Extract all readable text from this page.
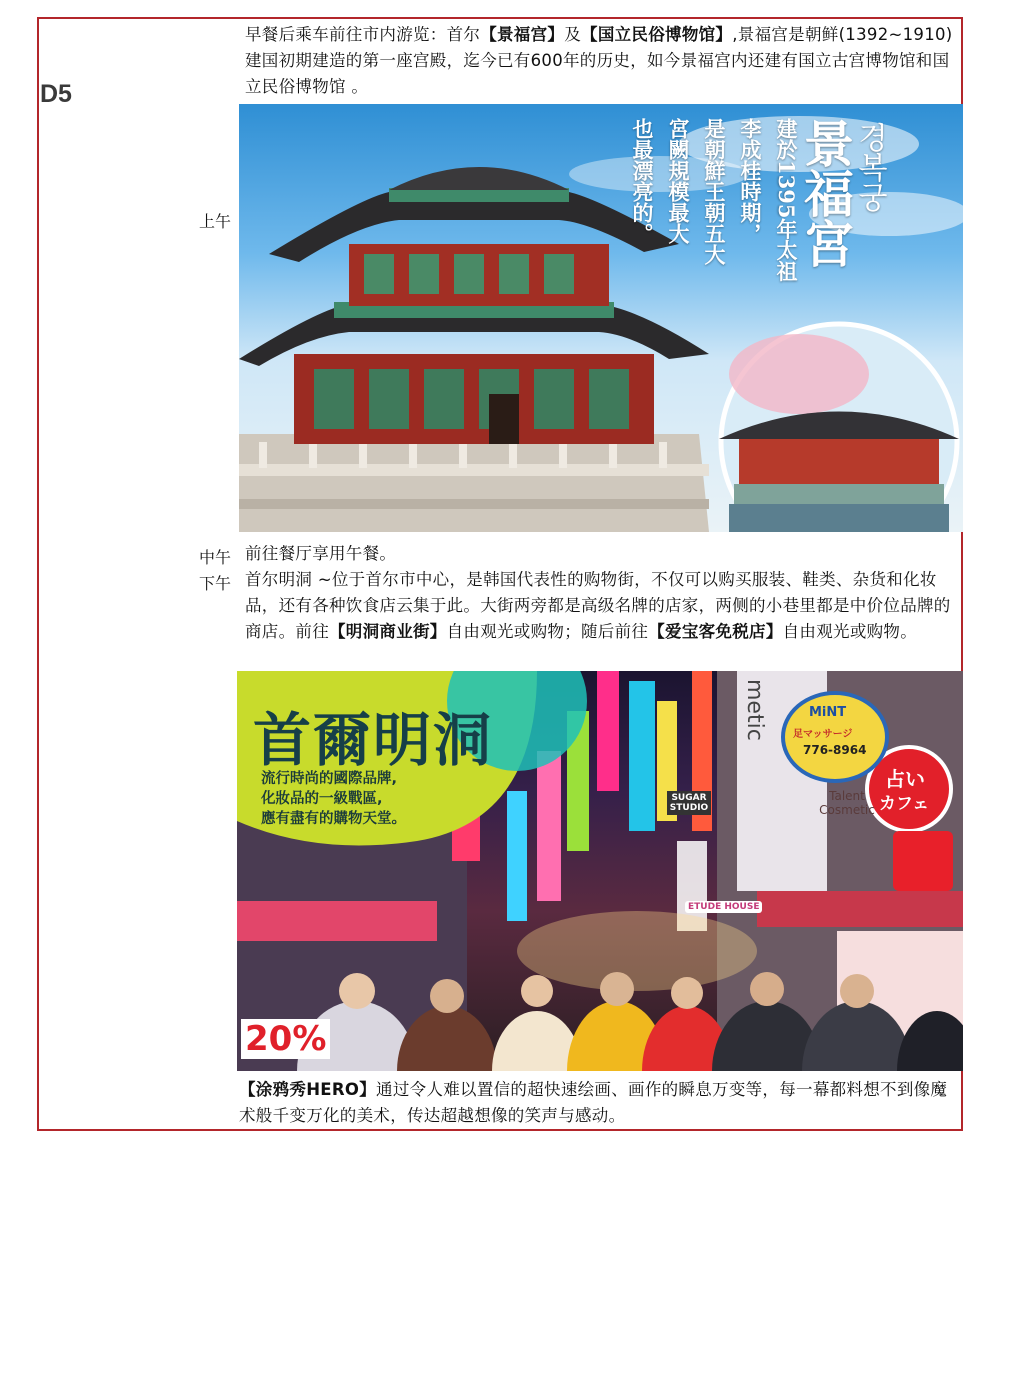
D5
早餐后乘车前往市内游览：首尔【景福宫】及【国立民俗博物馆】,景福宫是朝鲜(1392~1910)建国初期建造的第一座宫殿，迄今已有600年的历史，如今景福宫内还建有国立古宫博物馆和国立民俗博物馆 。
上午	景福宮
경복궁
建於1395年太祖
李成桂時期，
是朝鮮王朝五大
宮闕規模最大
也最漂亮的。
中午 前往餐厅享用午餐。
下午 首尔明洞 ~位于首尔市中心，是韩国代表性的购物街，不仅可以购买服装、鞋类、杂货和化妆品，还有各种饮食店云集于此。大街两旁都是高级名牌的店家，两侧的小巷里都是中价位品牌的商店。前往【明洞商业街】自由观光或购物；随后前往【爱宝客免税店】自由观光或购物。
首爾明洞
流行時尚的國際品牌,
化妝品的一級戰區,
應有盡有的購物天堂。
MiNT
足マッサージ
776-8964
占い
カフェ
metic
Talent Cosmetic
SUGAR STUDIO
ETUDE HOUSE
20%
【涂鸦秀HERO】通过令人难以置信的超快速绘画、画作的瞬息万变等，每一幕都料想不到像魔术般千变万化的美术，传达超越想像的笑声与感动。
